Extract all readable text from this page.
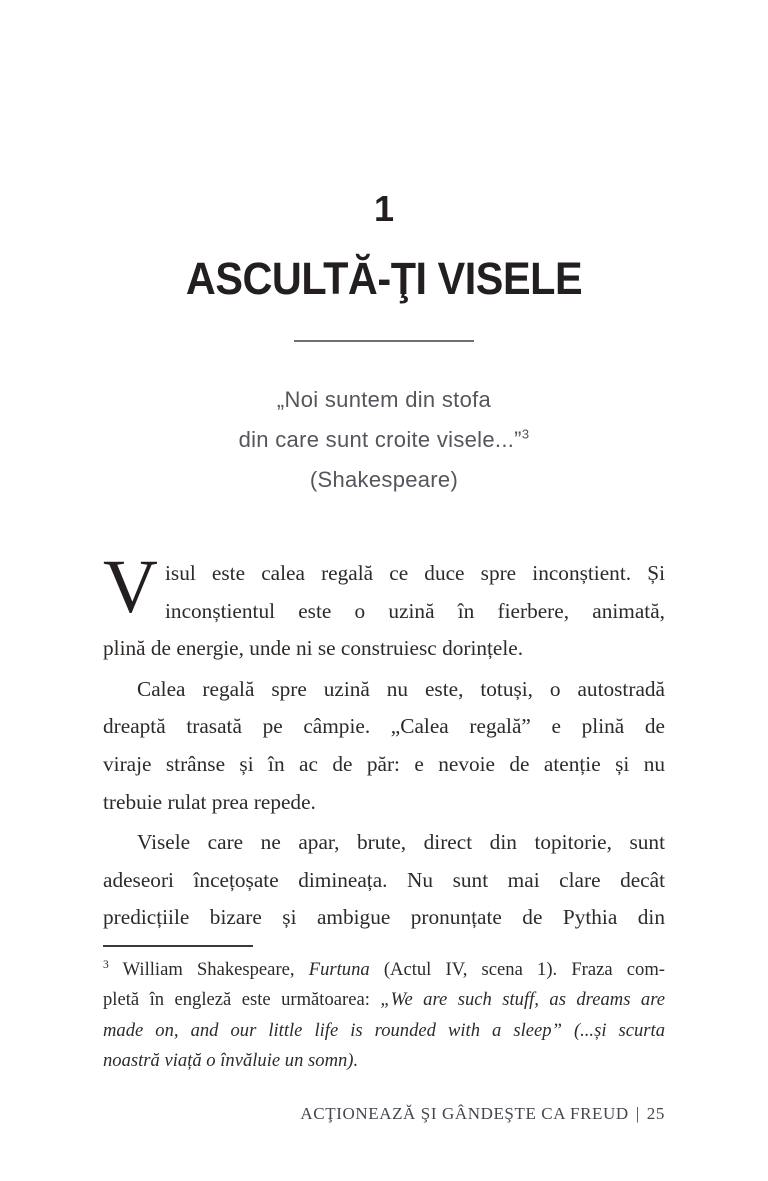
1
ASCULTĂ-ŢI VISELE
„Noi suntem din stofa
din care sunt croite visele...”$^3$
(Shakespeare)
V isul este calea regală ce duce spre inconștient. Și
inconștientul este o uzină în fierbere, animată,
plină de energie, unde ni se construiesc dorințele.
Calea regală spre uzină nu este, totuși, o autostradă
dreaptă trasată pe câmpie. „Calea regală” e plină de
viraje strânse și în ac de păr: e nevoie de atenție și nu
trebuie rulat prea repede.
Visele care ne apar, brute, direct din topitorie, sunt
adeseori încețoșate dimineața. Nu sunt mai clare decât
predicțiile bizare și ambigue pronunțate de Pythia din
$^3$ William Shakespeare, Furtuna (Actul IV, scena 1). Fraza com-
pletă în engleză este următoarea: „We are such stuff, as dreams are
made on, and our little life is rounded with a sleep” (...și scurta
noastră viață o învăluie un somn).
ACŢIONEAZĂ ŞI GÂNDEŞTE CA FREUD | 25
